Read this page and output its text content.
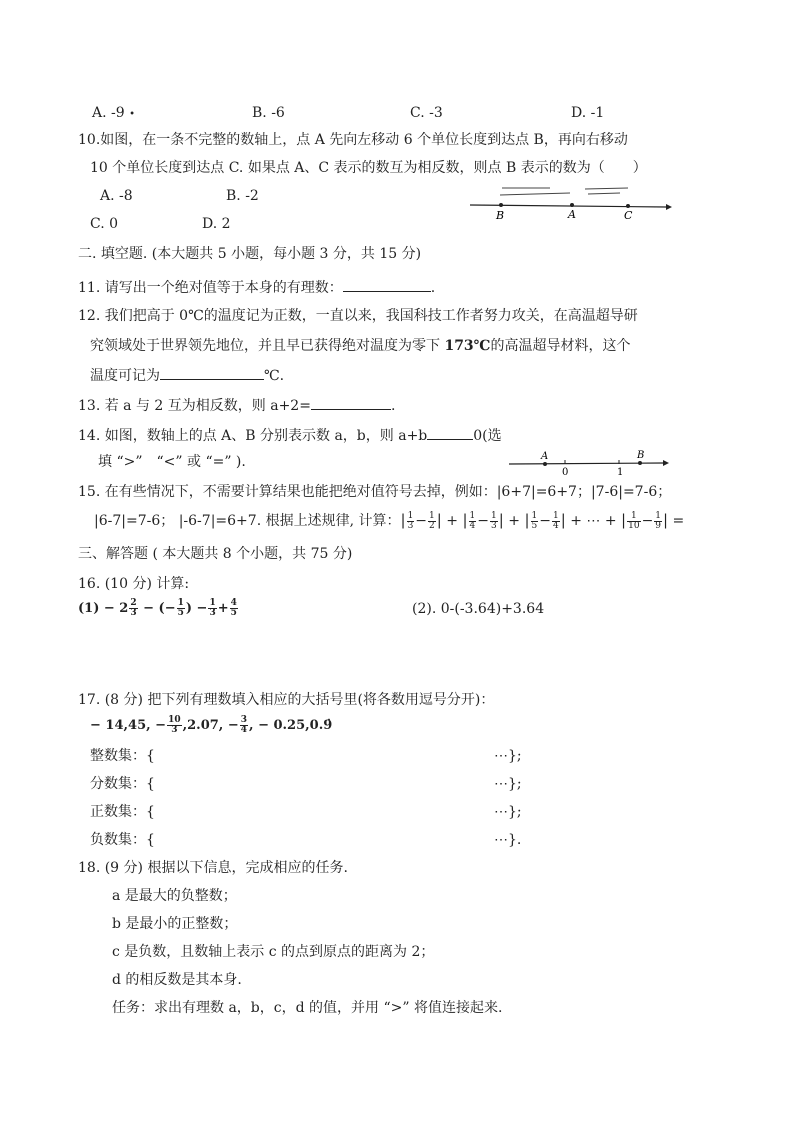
A. -9 •	B. -6	C. -3	D. -1
10.如图，在一条不完整的数轴上，点 A 先向左移动 6 个单位长度到达点 B，再向右移动
10 个单位长度到达点 C. 如果点 A、C 表示的数互为相反数，则点 B 表示的数为（　　）
A. -8	B. -2
C. 0	D. 2
B	A	C
二. 填空题. (本大题共 5 小题，每小题 3 分，共 15 分)
11. 请写出一个绝对值等于本身的有理数：	.
12. 我们把高于 0℃的温度记为正数，一直以来，我国科技工作者努力攻关，在高温超导研
究领域处于世界领先地位，并且早已获得绝对温度为零下 173℃的高温超导材料，这个
温度可记为	℃.
13. 若 a 与 2 互为相反数，则 a+2=	.
14. 如图，数轴上的点 A、B 分别表示数 a，b，则 a+b	0(选
填 “>”　“<” 或 “=” ).	A
0	1
B
15. 在有些情况下，不需要计算结果也能把绝对值符号去掉，例如：|6+7|=6+7；|7-6|=7-6；
|6-7|=7-6； |-6-7|=6+7. 根据上述规律, 计算：| $\frac{1}{3} - \frac{1}{2}$ | + | $\frac{1}{4} - \frac{1}{3}$ | + | $\frac{1}{5} - \frac{1}{4}$ | + ⋯ + | $\frac{1}{10} - \frac{1}{9}$ | =
三、解答题 ( 本大题共 8 个小题，共 75 分)
16. (10 分) 计算:
$(1) - 2 \frac{2}{3}$ − (− $\frac{1}{5}$ ) − $\frac{1}{3} + \frac{4}{5}$	(2). 0-(-3.64)+3.64
17. (8 分) 把下列有理数填入相应的大括号里(将各数用逗号分开)：
− 14,45, − $\frac{10}{3} ,2.07$, − $\frac{3}{4}$ , − 0.25,0.9̇
整数集：{	⋯};
分数集：{	⋯};
正数集：{	⋯};
负数集：{	⋯}.
18. (9 分) 根据以下信息，完成相应的任务.
a 是最大的负整数；
b 是最小的正整数；
c 是负数，且数轴上表示 c 的点到原点的距离为 2；
d 的相反数是其本身.
任务：求出有理数 a，b，c，d 的值，并用 “>” 将值连接起来.
